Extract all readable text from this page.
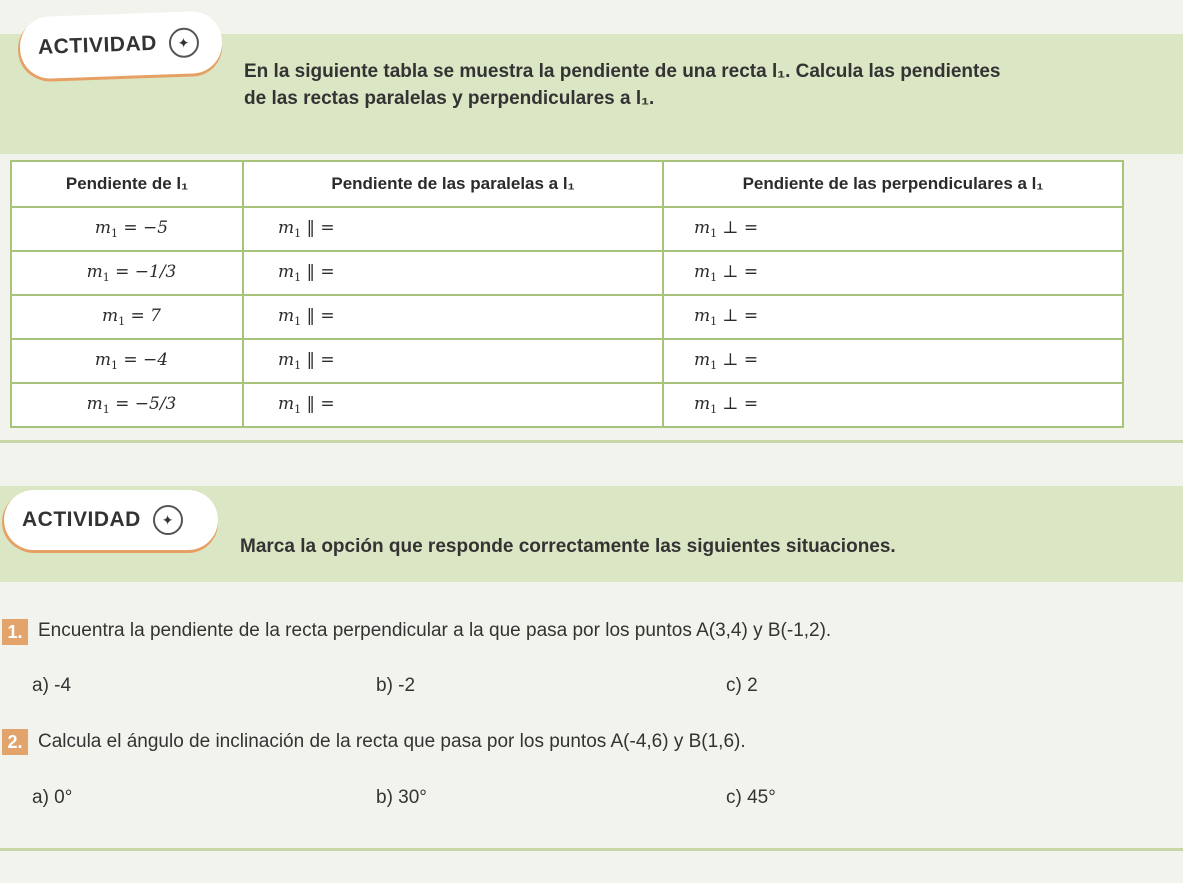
ACTIVIDAD	✦
En la siguiente tabla se muestra la pendiente de una recta l₁. Calcula las pendientes
de las rectas paralelas y perpendiculares a l₁.
Pendiente de l₁	Pendiente de las paralelas a l₁	Pendiente de las perpendiculares a l₁
$m_1 = -5$	$m_1$ ‖ =	$m_1$ ⊥ =
$m_1 = -1/3$	$m_1$ ‖ =	$m_1$ ⊥ =
$m_1 = 7$	$m_1$ ‖ =	$m_1$ ⊥ =
$m_1 = -4$	$m_1$ ‖ =	$m_1$ ⊥ =
$m_1 = -5/3$	$m_1$ ‖ =	$m_1$ ⊥ =
ACTIVIDAD	✦
Marca la opción que responde correctamente las siguientes situaciones.
1. Encuentra la pendiente de la recta perpendicular a la que pasa por los puntos A(3,4) y B(-1,2).
a) -4	b) -2	c) 2
2. Calcula el ángulo de inclinación de la recta que pasa por los puntos A(-4,6) y B(1,6).
a) 0°	b) 30°	c) 45°
